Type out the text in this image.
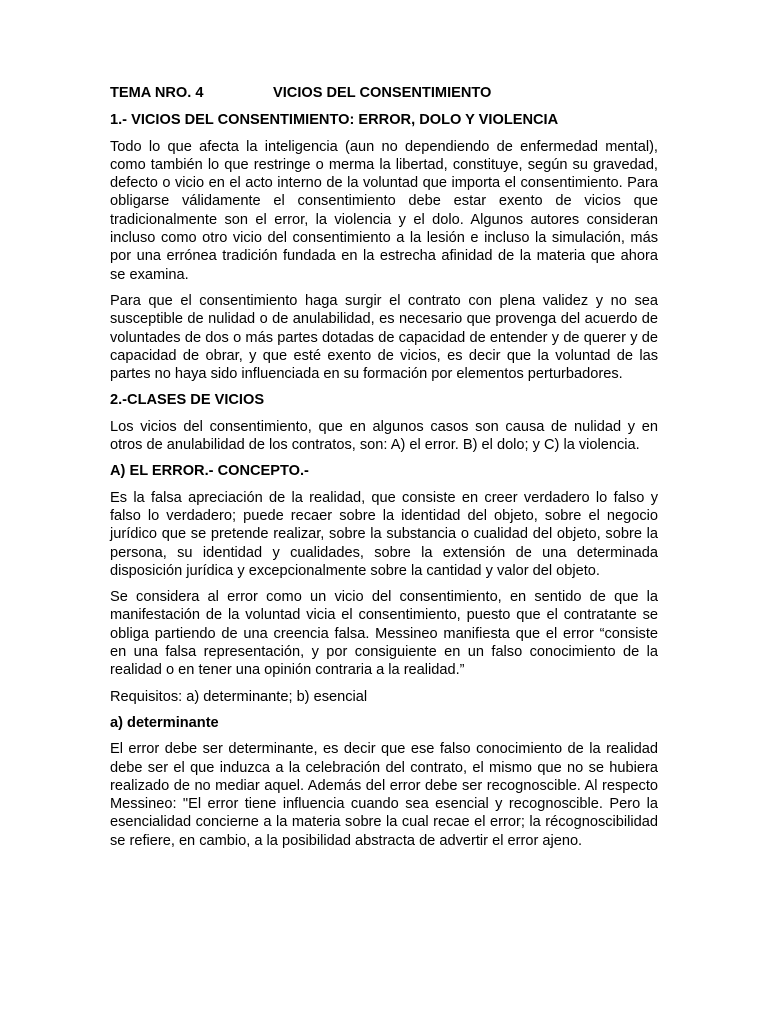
TEMA NRO. 4	VICIOS DEL CONSENTIMIENTO
1.- VICIOS DEL CONSENTIMIENTO: ERROR, DOLO Y VIOLENCIA

Todo lo que afecta la inteligencia (aun no dependiendo de enfermedad mental), como también lo que restringe o merma la libertad, constituye, según su gravedad, defecto o vicio en el acto interno de la voluntad que importa el consentimiento. Para obligarse válidamente el consentimiento debe estar exento de vicios que tradicionalmente son el error, la violencia y el dolo. Algunos autores consideran incluso como otro vicio del consentimiento a la lesión e incluso la simulación, más por una errónea tradición fundada en la estrecha afinidad de la materia que ahora se examina.

Para que el consentimiento haga surgir el contrato con plena validez y no sea susceptible de nulidad o de anulabilidad, es necesario que provenga del acuerdo de voluntades de dos o más partes dotadas de capacidad de entender y de querer y de capacidad de obrar, y que esté exento de vicios, es decir que la voluntad de las partes no haya sido influenciada en su formación por elementos perturbadores.

2.-CLASES DE VICIOS

Los vicios del consentimiento, que en algunos casos son causa de nulidad y en otros de anulabilidad de los contratos, son: A) el error. B) el dolo; y C) la violencia.

A) EL ERROR.- CONCEPTO.-

Es la falsa apreciación de la realidad, que consiste en creer verdadero lo falso y falso lo verdadero; puede recaer sobre la identidad del objeto, sobre el negocio jurídico que se pretende realizar, sobre la substancia o cualidad del objeto, sobre la persona, su identidad y cualidades, sobre la extensión de una determinada disposición jurídica y excepcionalmente sobre la cantidad y valor del objeto.

Se considera al error como un vicio del consentimiento, en sentido de que la manifestación de la voluntad vicia el consentimiento, puesto que el contratante se obliga partiendo de una creencia falsa. Messineo manifiesta que el error “consiste en una falsa representación, y por consiguiente en un falso conocimiento de la realidad o en tener una opinión contraria a la realidad.”

Requisitos: a) determinante; b) esencial

a) determinante

El error debe ser determinante, es decir que ese falso conocimiento de la realidad debe ser el que induzca a la celebración del contrato, el mismo que no se hubiera realizado de no mediar aquel. Además del error debe ser recognoscible. Al respecto Messineo: "El error tiene influencia cuando sea esencial y recognoscible. Pero la esencialidad concierne a la materia sobre la cual recae el error; la récognoscibilidad se refiere, en cambio, a la posibilidad abstracta de advertir el error ajeno.
